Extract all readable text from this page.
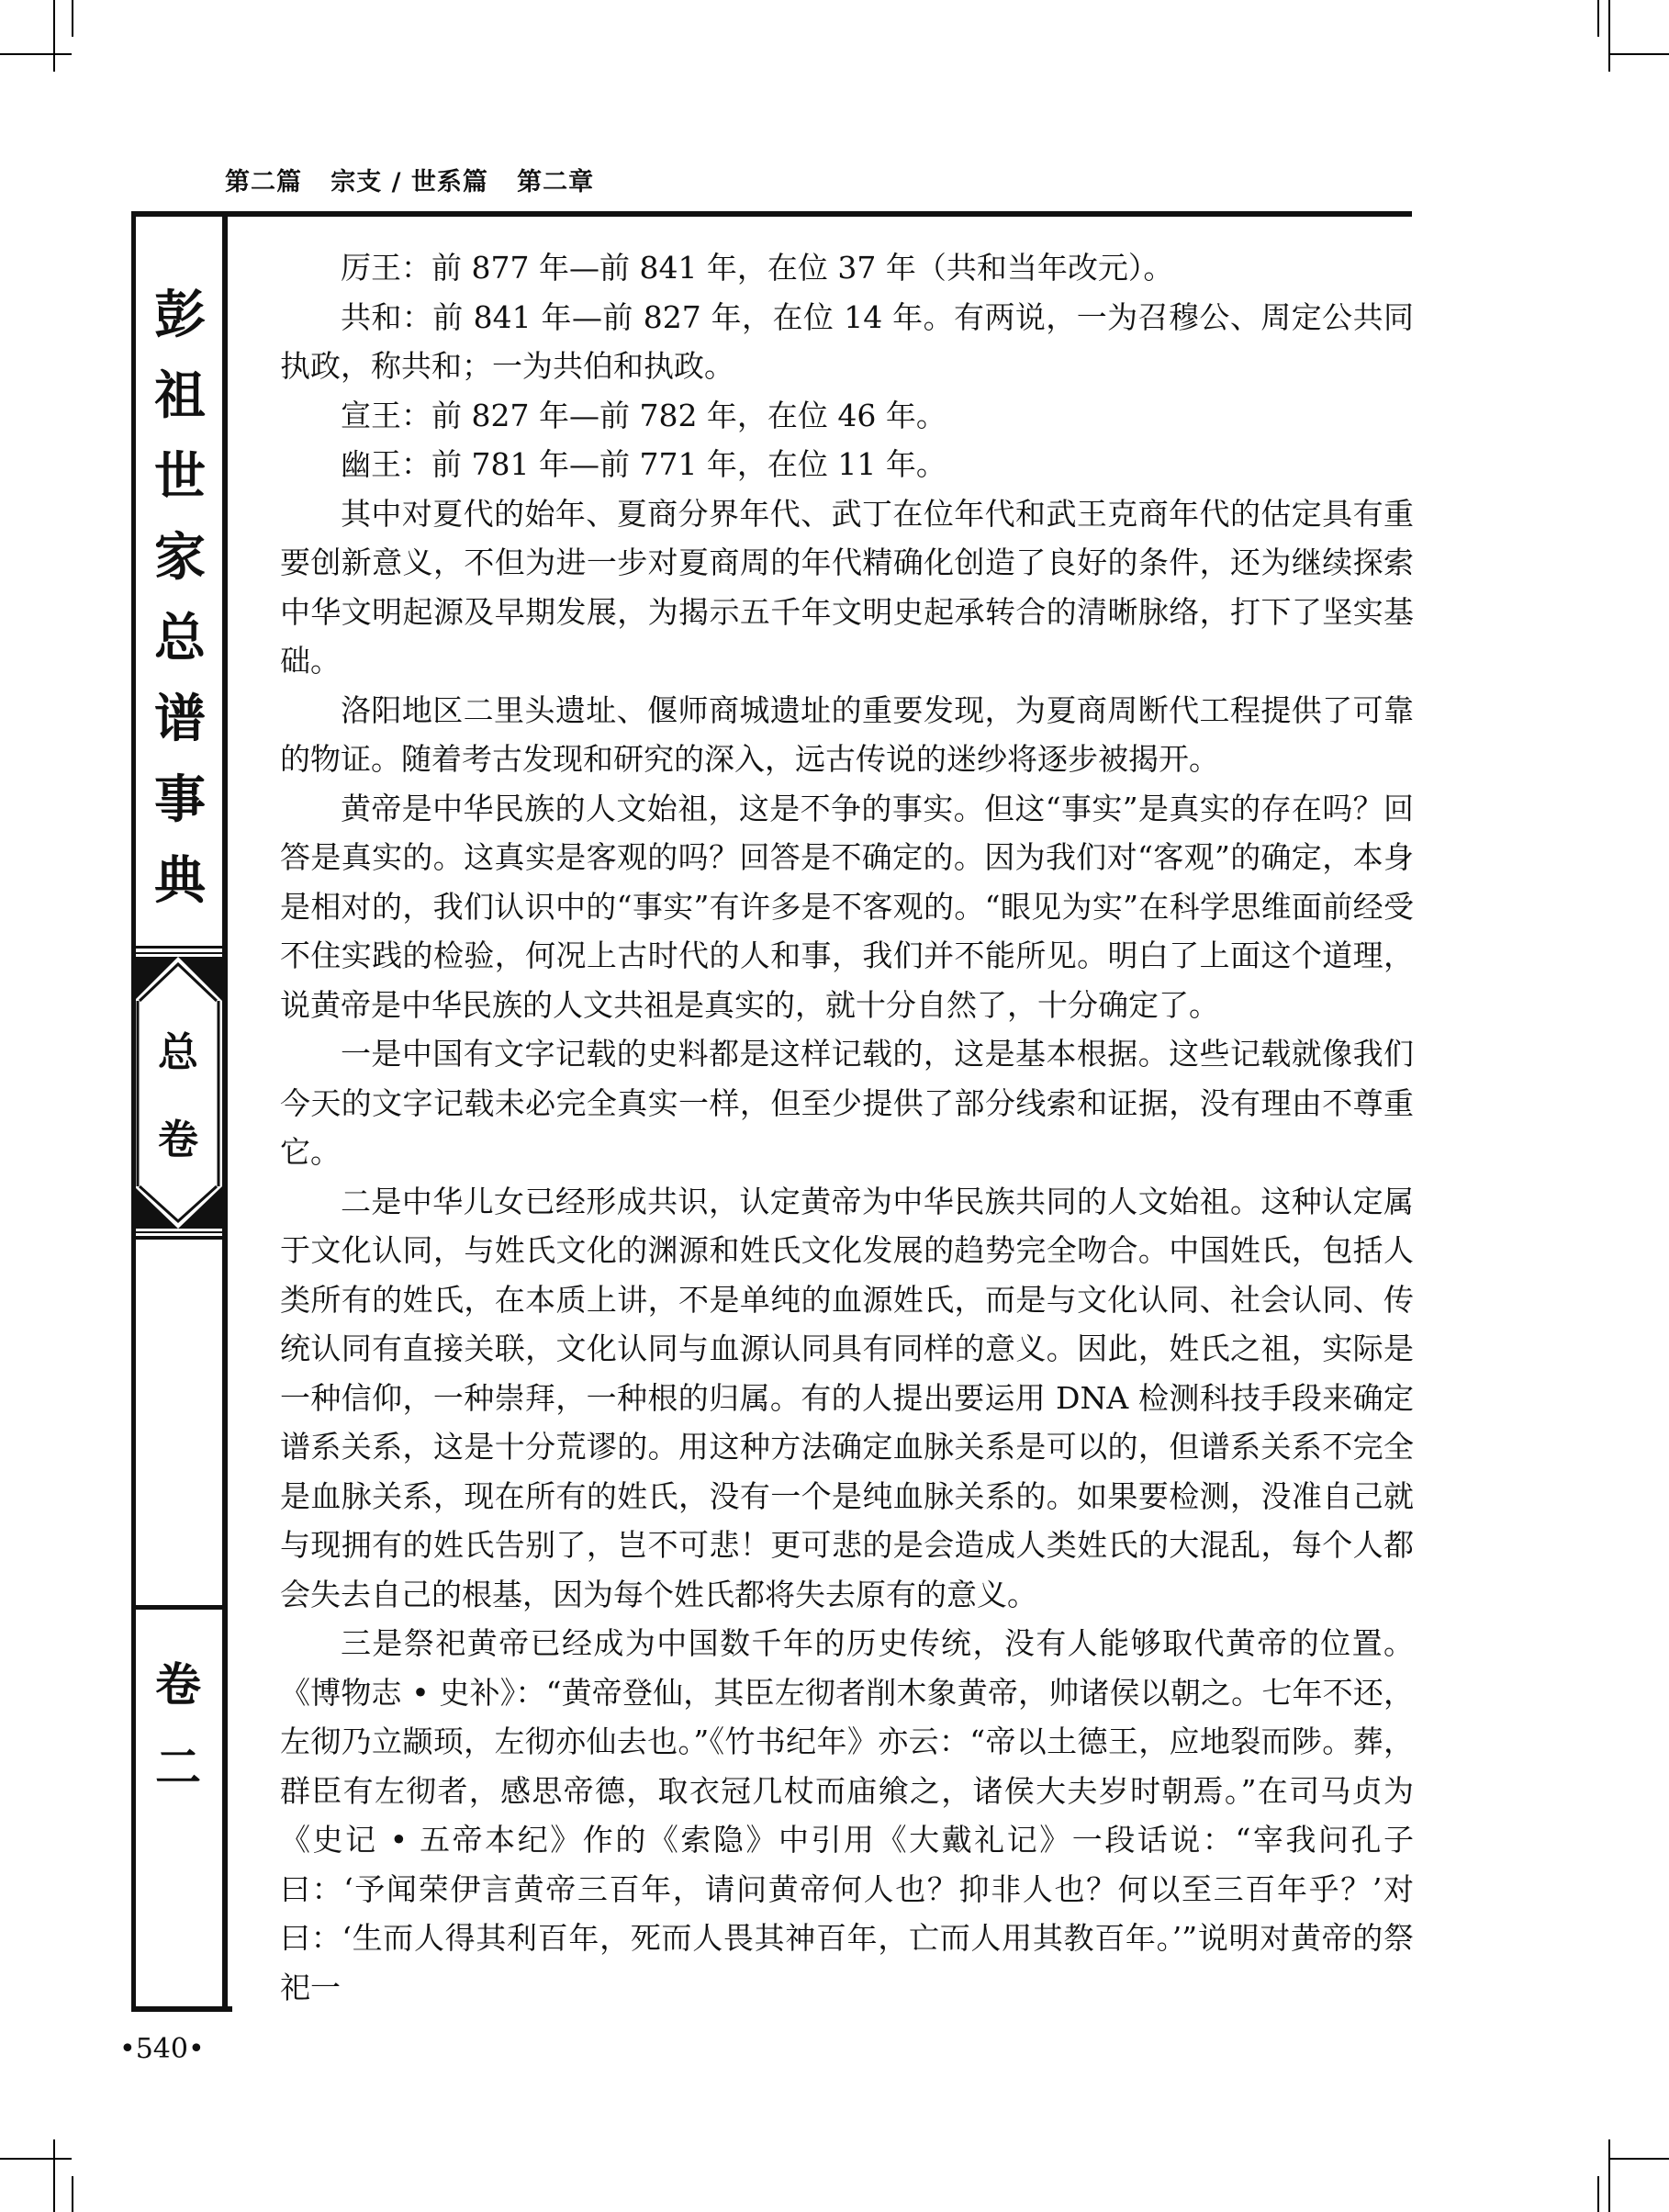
第二篇 宗支 / 世系篇 第二章
彭
祖
世
家
总
谱
事
典
总
卷
卷
二

厉王：前 877 年—前 841 年，在位 37 年（共和当年改元）。

共和：前 841 年—前 827 年，在位 14 年。有两说，一为召穆公、周定公共同执政，称共和；一为共伯和执政。

宣王：前 827 年—前 782 年，在位 46 年。

幽王：前 781 年—前 771 年，在位 11 年。

其中对夏代的始年、夏商分界年代、武丁在位年代和武王克商年代的估定具有重要创新意义，不但为进一步对夏商周的年代精确化创造了良好的条件，还为继续探索中华文明起源及早期发展，为揭示五千年文明史起承转合的清晰脉络，打下了坚实基础。

洛阳地区二里头遗址、偃师商城遗址的重要发现，为夏商周断代工程提供了可靠的物证。随着考古发现和研究的深入，远古传说的迷纱将逐步被揭开。

黄帝是中华民族的人文始祖，这是不争的事实。但这“事实”是真实的存在吗？回答是真实的。这真实是客观的吗？回答是不确定的。因为我们对“客观”的确定，本身是相对的，我们认识中的“事实”有许多是不客观的。“眼见为实”在科学思维面前经受不住实践的检验，何况上古时代的人和事，我们并不能所见。明白了上面这个道理，说黄帝是中华民族的人文共祖是真实的，就十分自然了，十分确定了。

一是中国有文字记载的史料都是这样记载的，这是基本根据。这些记载就像我们今天的文字记载未必完全真实一样，但至少提供了部分线索和证据，没有理由不尊重它。

二是中华儿女已经形成共识，认定黄帝为中华民族共同的人文始祖。这种认定属于文化认同，与姓氏文化的渊源和姓氏文化发展的趋势完全吻合。中国姓氏，包括人类所有的姓氏，在本质上讲，不是单纯的血源姓氏，而是与文化认同、社会认同、传统认同有直接关联，文化认同与血源认同具有同样的意义。因此，姓氏之祖，实际是一种信仰，一种崇拜，一种根的归属。有的人提出要运用 DNA 检测科技手段来确定谱系关系，这是十分荒谬的。用这种方法确定血脉关系是可以的，但谱系关系不完全是血脉关系，现在所有的姓氏，没有一个是纯血脉关系的。如果要检测，没准自己就与现拥有的姓氏告别了，岂不可悲！更可悲的是会造成人类姓氏的大混乱，每个人都会失去自己的根基，因为每个姓氏都将失去原有的意义。

三是祭祀黄帝已经成为中国数千年的历史传统，没有人能够取代黄帝的位置。《博物志 • 史补》：“黄帝登仙，其臣左彻者削木象黄帝，帅诸侯以朝之。七年不还，左彻乃立颛顼，左彻亦仙去也。”《竹书纪年》亦云：“帝以土德王，应地裂而陟。葬，群臣有左彻者，感思帝德，取衣冠几杖而庙飨之，诸侯大夫岁时朝焉。”在司马贞为《史记 • 五帝本纪》作的《索隐》中引用《大戴礼记》一段话说：“宰我问孔子曰：‘予闻荣伊言黄帝三百年，请问黄帝何人也？抑非人也？何以至三百年乎？’对曰：‘生而人得其利百年，死而人畏其神百年，亡而人用其教百年。’”说明对黄帝的祭祀一

•540•
